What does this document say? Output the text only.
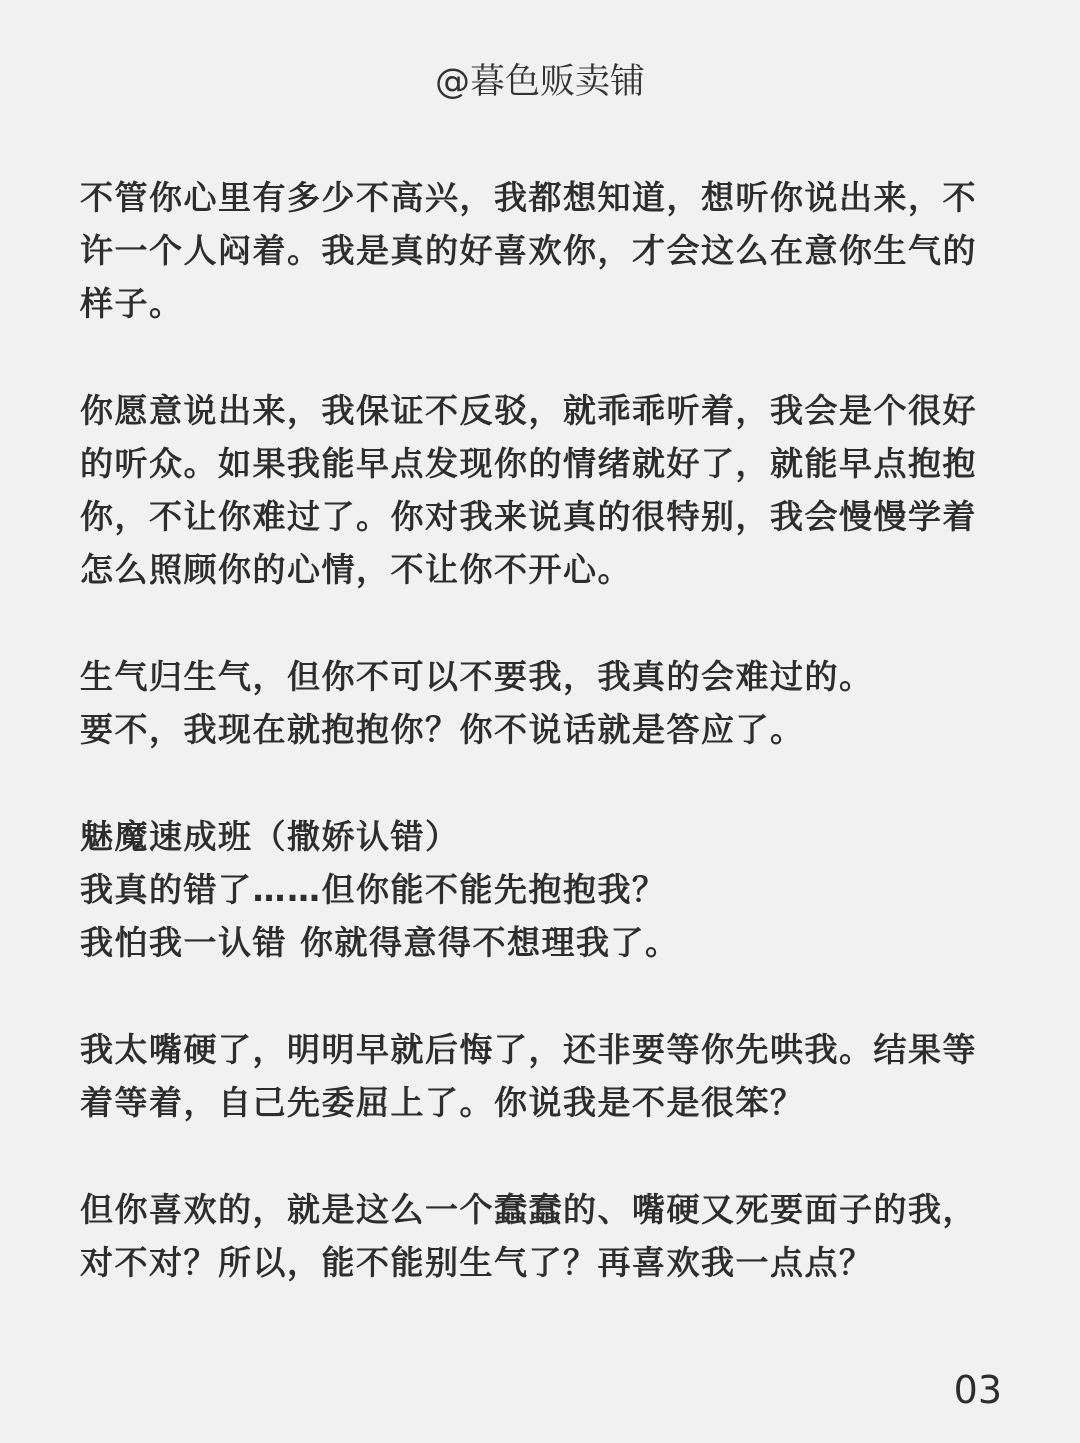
@暮色贩卖铺
不管你心里有多少不高兴，我都想知道，想听你说出来，不
许一个人闷着。我是真的好喜欢你，才会这么在意你生气的
样子。
你愿意说出来，我保证不反驳，就乖乖听着，我会是个很好
的听众。如果我能早点发现你的情绪就好了，就能早点抱抱
你，不让你难过了。你对我来说真的很特别，我会慢慢学着
怎么照顾你的心情，不让你不开心。
生气归生气，但你不可以不要我，我真的会难过的。
要不，我现在就抱抱你？你不说话就是答应了。
魅魔速成班（撒娇认错）
我真的错了……但你能不能先抱抱我？
我怕我一认错 你就得意得不想理我了。
我太嘴硬了，明明早就后悔了，还非要等你先哄我。结果等
着等着，自己先委屈上了。你说我是不是很笨？
但你喜欢的，就是这么一个蠢蠢的、嘴硬又死要面子的我，
对不对？所以，能不能别生气了？再喜欢我一点点？
03
